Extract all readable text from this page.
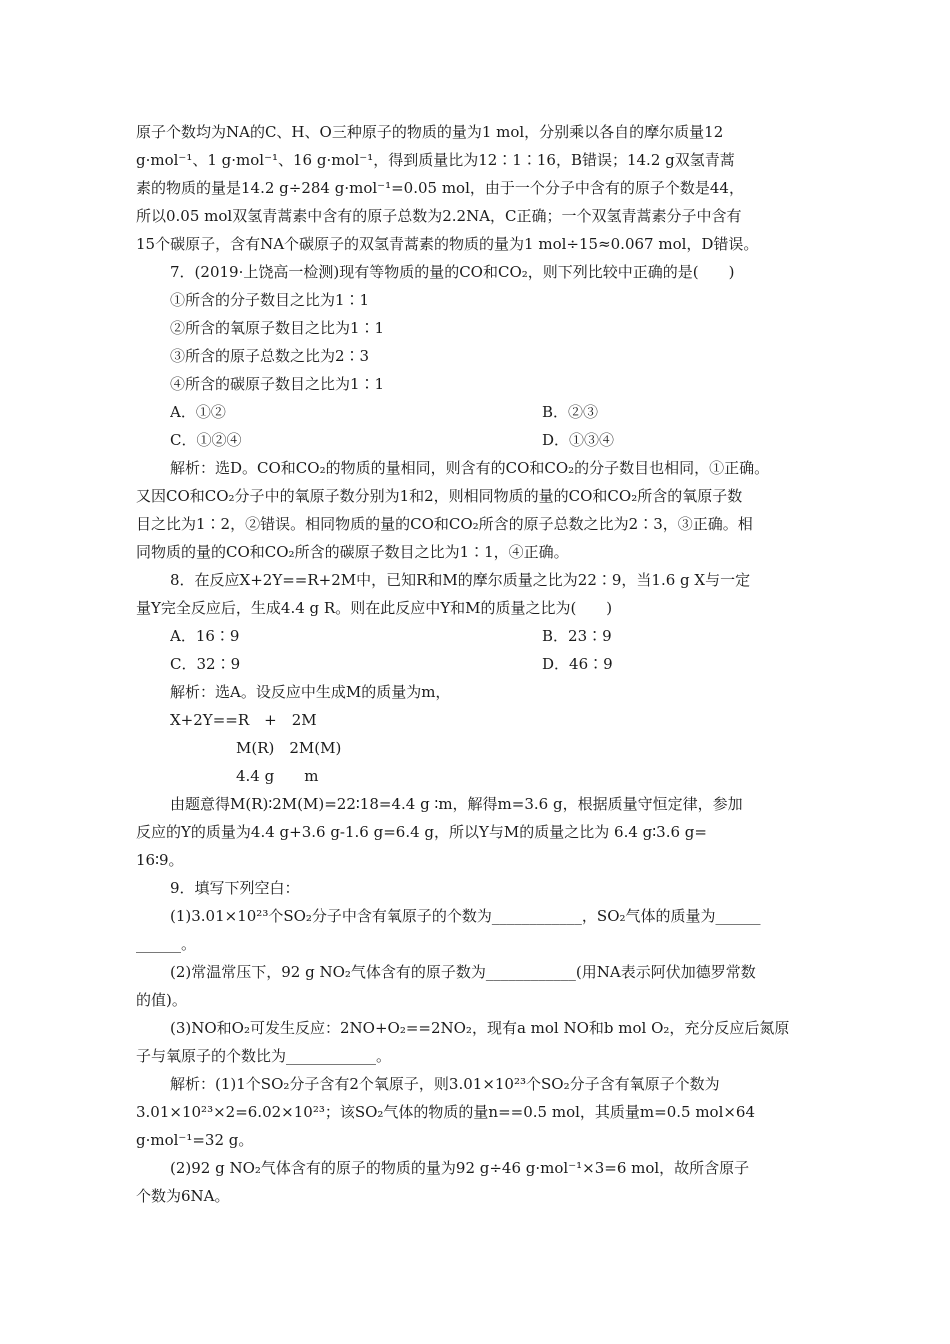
原子个数均为NA的C、H、O三种原子的物质的量为1 mol，分别乘以各自的摩尔质量12
g·mol⁻¹、1 g·mol⁻¹、16 g·mol⁻¹，得到质量比为12∶1∶16，B错误；14.2 g双氢青蒿
素的物质的量是14.2 g÷284 g·mol⁻¹=0.05 mol，由于一个分子中含有的原子个数是44，
所以0.05 mol双氢青蒿素中含有的原子总数为2.2NA，C正确；一个双氢青蒿素分子中含有
15个碳原子，含有NA个碳原子的双氢青蒿素的物质的量为1 mol÷15≈0.067 mol，D错误。
7．(2019·上饶高一检测)现有等物质的量的CO和CO₂，则下列比较中正确的是(　　)
①所含的分子数目之比为1∶1
②所含的氧原子数目之比为1∶1
③所含的原子总数之比为2∶3
④所含的碳原子数目之比为1∶1
A．①②	B．②③
C．①②④	D．①③④
解析：选D。CO和CO₂的物质的量相同，则含有的CO和CO₂的分子数目也相同，①正确。
又因CO和CO₂分子中的氧原子数分别为1和2，则相同物质的量的CO和CO₂所含的氧原子数
目之比为1∶2，②错误。相同物质的量的CO和CO₂所含的原子总数之比为2∶3，③正确。相
同物质的量的CO和CO₂所含的碳原子数目之比为1∶1，④正确。
8．在反应X+2Y==R+2M中，已知R和M的摩尔质量之比为22∶9，当1.6 g X与一定
量Y完全反应后，生成4.4 g R。则在此反应中Y和M的质量之比为(　　)
A．16∶9	B．23∶9
C．32∶9	D．46∶9
解析：选A。设反应中生成M的质量为m，
X+2Y==R　+　2M
M(R)　2M(M)
4.4 g　　m
由题意得M(R)∶2M(M)=22∶18=4.4 g ∶m，解得m=3.6 g，根据质量守恒定律，参加
反应的Y的质量为4.4 g+3.6 g-1.6 g=6.4 g，所以Y与M的质量之比为 6.4 g∶3.6 g=
16∶9。
9．填写下列空白：
(1)3.01×10²³个SO₂分子中含有氧原子的个数为____________，SO₂气体的质量为______
______。
(2)常温常压下，92 g NO₂气体含有的原子数为____________(用NA表示阿伏加德罗常数
的值)。
(3)NO和O₂可发生反应：2NO+O₂==2NO₂，现有a mol NO和b mol O₂，充分反应后氮原
子与氧原子的个数比为____________。
解析：(1)1个SO₂分子含有2个氧原子，则3.01×10²³个SO₂分子含有氧原子个数为
3.01×10²³×2=6.02×10²³；该SO₂气体的物质的量n==0.5 mol，其质量m=0.5 mol×64
g·mol⁻¹=32 g。
(2)92 g NO₂气体含有的原子的物质的量为92 g÷46 g·mol⁻¹×3=6 mol，故所含原子
个数为6NA。
